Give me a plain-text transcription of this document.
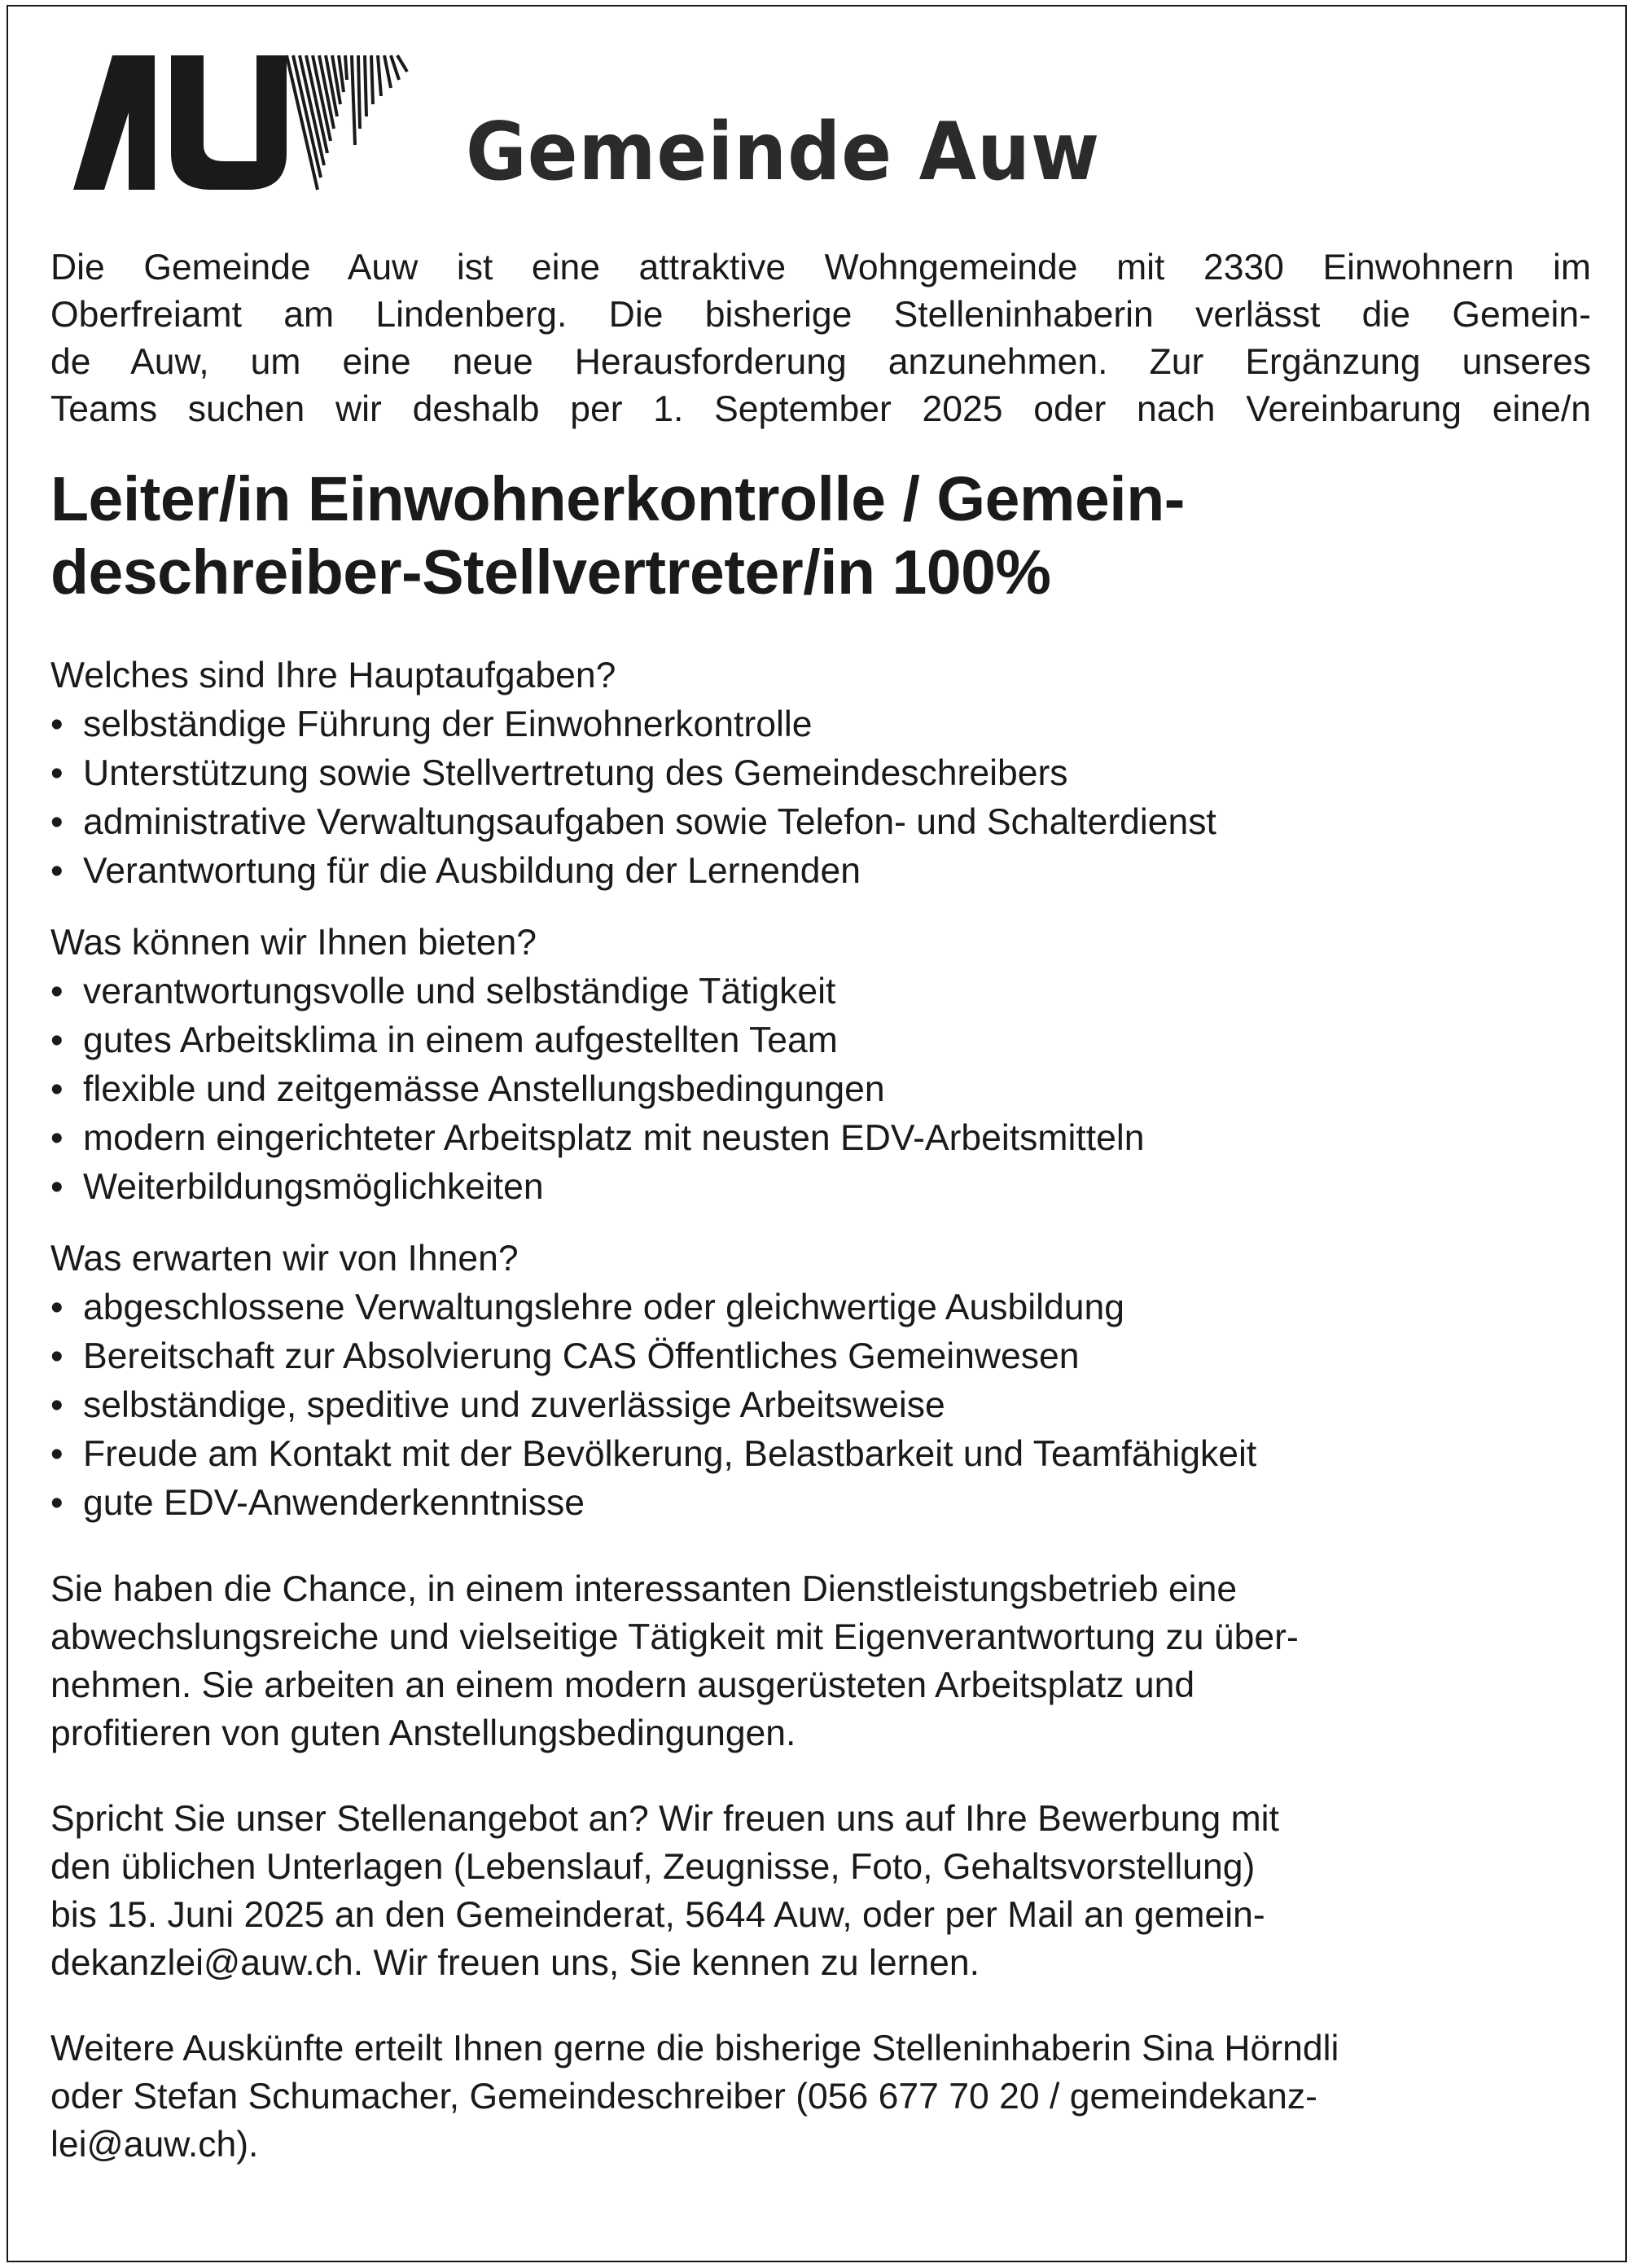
Gemeinde Auw

Die Gemeinde Auw ist eine attraktive Wohngemeinde mit 2330 Einwohnern im
Oberfreiamt am Lindenberg. Die bisherige Stelleninhaberin verlässt die Gemein-
de Auw, um eine neue Herausforderung anzunehmen. Zur Ergänzung unseres
Teams suchen wir deshalb per 1. September 2025 oder nach Vereinbarung eine/n

Leiter/in Einwohnerkontrolle / Gemein-
deschreiber-Stellvertreter/in 100%

Welches sind Ihre Hauptaufgaben?

• selbständige Führung der Einwohnerkontrolle
• Unterstützung sowie Stellvertretung des Gemeindeschreibers
• administrative Verwaltungsaufgaben sowie Telefon- und Schalterdienst
• Verantwortung für die Ausbildung der Lernenden

Was können wir Ihnen bieten?

• verantwortungsvolle und selbständige Tätigkeit
• gutes Arbeitsklima in einem aufgestellten Team
• flexible und zeitgemässe Anstellungsbedingungen
• modern eingerichteter Arbeitsplatz mit neusten EDV-Arbeitsmitteln
• Weiterbildungsmöglichkeiten

Was erwarten wir von Ihnen?

• abgeschlossene Verwaltungslehre oder gleichwertige Ausbildung
• Bereitschaft zur Absolvierung CAS Öffentliches Gemeinwesen
• selbständige, speditive und zuverlässige Arbeitsweise
• Freude am Kontakt mit der Bevölkerung, Belastbarkeit und Teamfähigkeit
• gute EDV-Anwenderkenntnisse

Sie haben die Chance, in einem interessanten Dienstleistungsbetrieb eine
abwechslungsreiche und vielseitige Tätigkeit mit Eigenverantwortung zu über-
nehmen. Sie arbeiten an einem modern ausgerüsteten Arbeitsplatz und
profitieren von guten Anstellungsbedingungen.

Spricht Sie unser Stellenangebot an? Wir freuen uns auf Ihre Bewerbung mit
den üblichen Unterlagen (Lebenslauf, Zeugnisse, Foto, Gehaltsvorstellung)
bis 15. Juni 2025 an den Gemeinderat, 5644 Auw, oder per Mail an gemein-
dekanzlei@auw.ch. Wir freuen uns, Sie kennen zu lernen.

Weitere Auskünfte erteilt Ihnen gerne die bisherige Stelleninhaberin Sina Hörndli
oder Stefan Schumacher, Gemeindeschreiber (056 677 70 20 / gemeindekanz-
lei@auw.ch).
